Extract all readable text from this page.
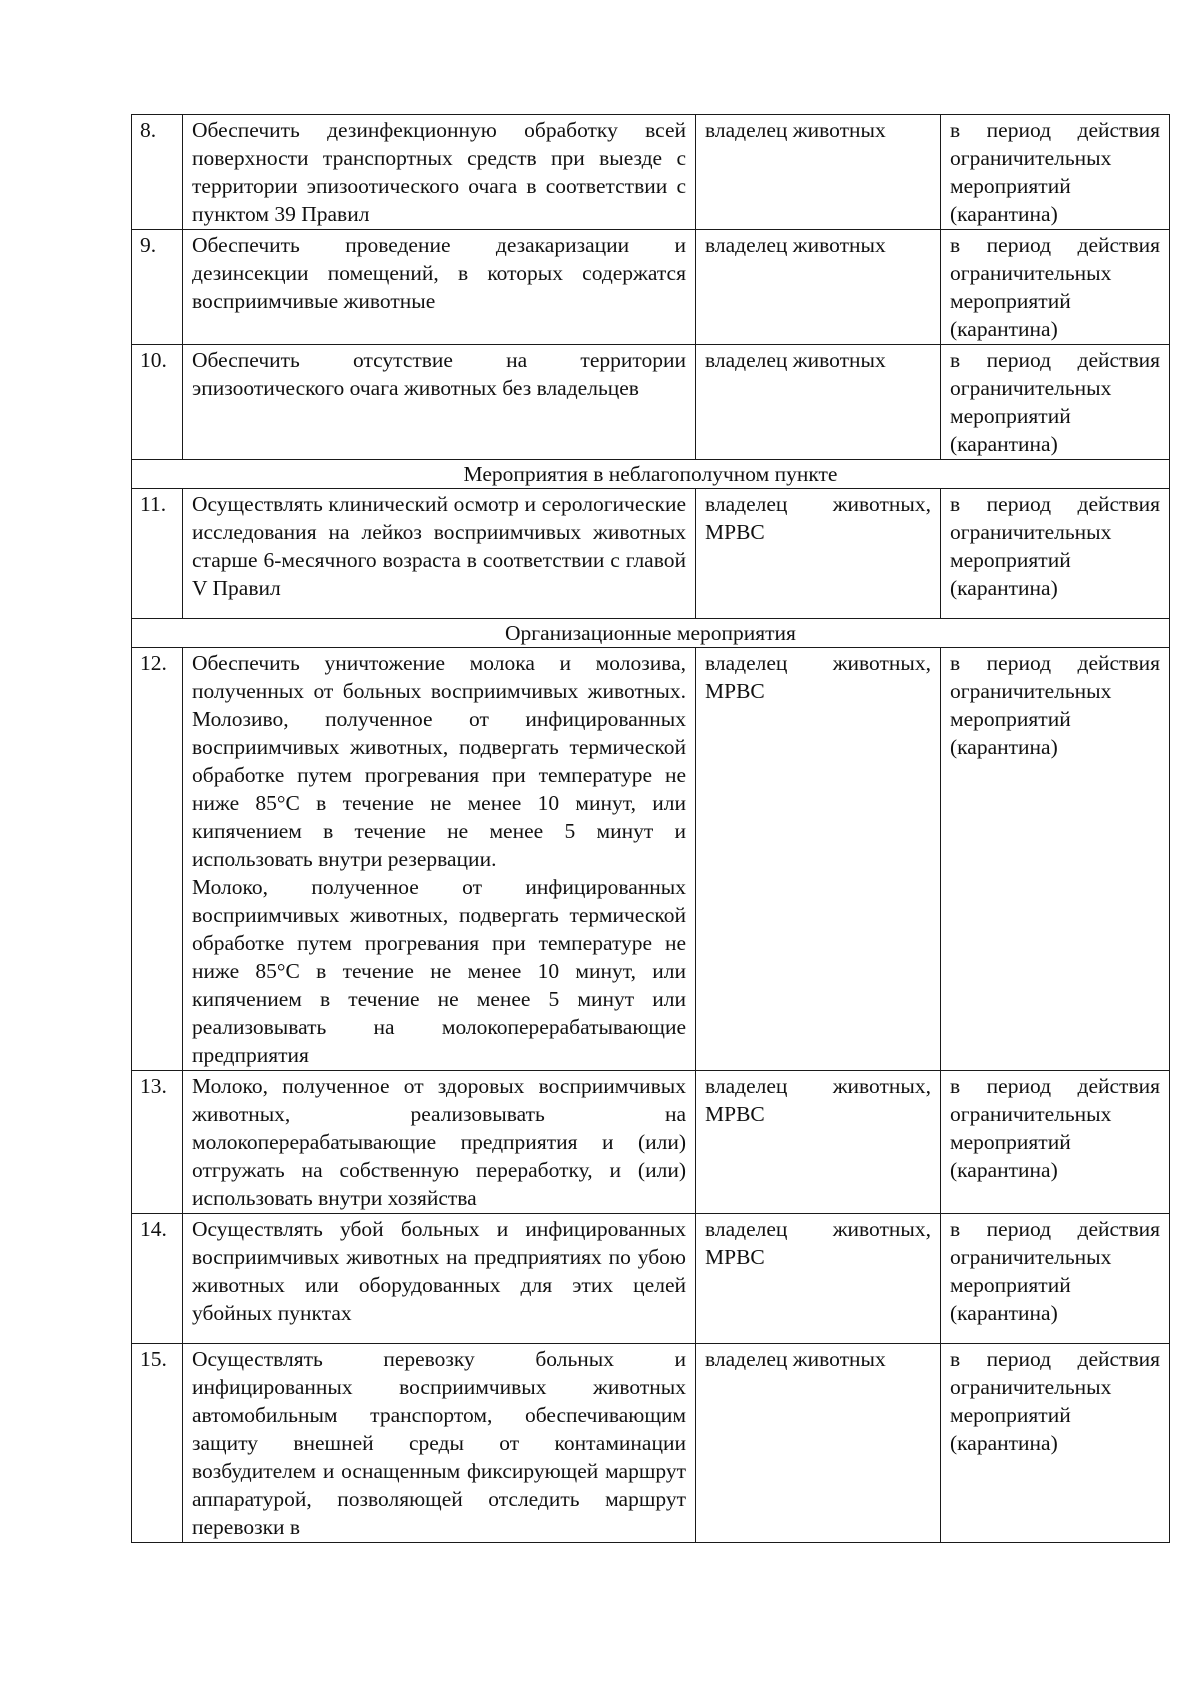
8.	Обеспечить дезинфекционную обработку всей поверхности транспортных средств при выезде с территории эпизоотического очага в соответствии с пунктом 39 Правил	владелец животных	в период действия ограничительных мероприятий (карантина)
9.	Обеспечить проведение дезакаризации и дезинсекции помещений, в которых содержатся восприимчивые животные	владелец животных	в период действия ограничительных мероприятий (карантина)
10.	Обеспечить отсутствие на территории эпизоотического очага животных без владельцев	владелец животных	в период действия ограничительных мероприятий (карантина)
Мероприятия в неблагополучном пункте			
11.	Осуществлять клинический осмотр и серологические исследования на лейкоз восприимчивых животных старше 6-месячного возраста в соответствии с главой V Правил	владелец животных, МРВС	в период действия ограничительных мероприятий (карантина)
Организационные мероприятия			
12.	Обеспечить уничтожение молока и молозива, полученных от больных восприимчивых животных. Молозиво, полученное от инфицированных восприимчивых животных, подвергать термической обработке путем прогревания при температуре не ниже 85°С в течение не менее 10 минут, или кипячением в течение не менее 5 минут и использовать внутри резервации.
Молоко, полученное от инфицированных восприимчивых животных, подвергать термической обработке путем прогревания при температуре не ниже 85°С в течение не менее 10 минут, или кипячением в течение не менее 5 минут или реализовывать на молокоперерабатывающие предприятия	владелец животных, МРВС	в период действия ограничительных мероприятий (карантина)
13.	Молоко, полученное от здоровых восприимчивых животных, реализовывать на молокоперерабатывающие предприятия и (или) отгружать на собственную переработку, и (или) использовать внутри хозяйства	владелец животных, МРВС	в период действия ограничительных мероприятий (карантина)
14.	Осуществлять убой больных и инфицированных восприимчивых животных на предприятиях по убою животных или оборудованных для этих целей убойных пунктах	владелец животных, МРВС	в период действия ограничительных мероприятий (карантина)
15.	Осуществлять перевозку больных и инфицированных восприимчивых животных автомобильным транспортом, обеспечивающим защиту внешней среды от контаминации возбудителем и оснащенным фиксирующей маршрут аппаратурой, позволяющей отследить маршрут перевозки в	владелец животных	в период действия ограничительных мероприятий (карантина)
